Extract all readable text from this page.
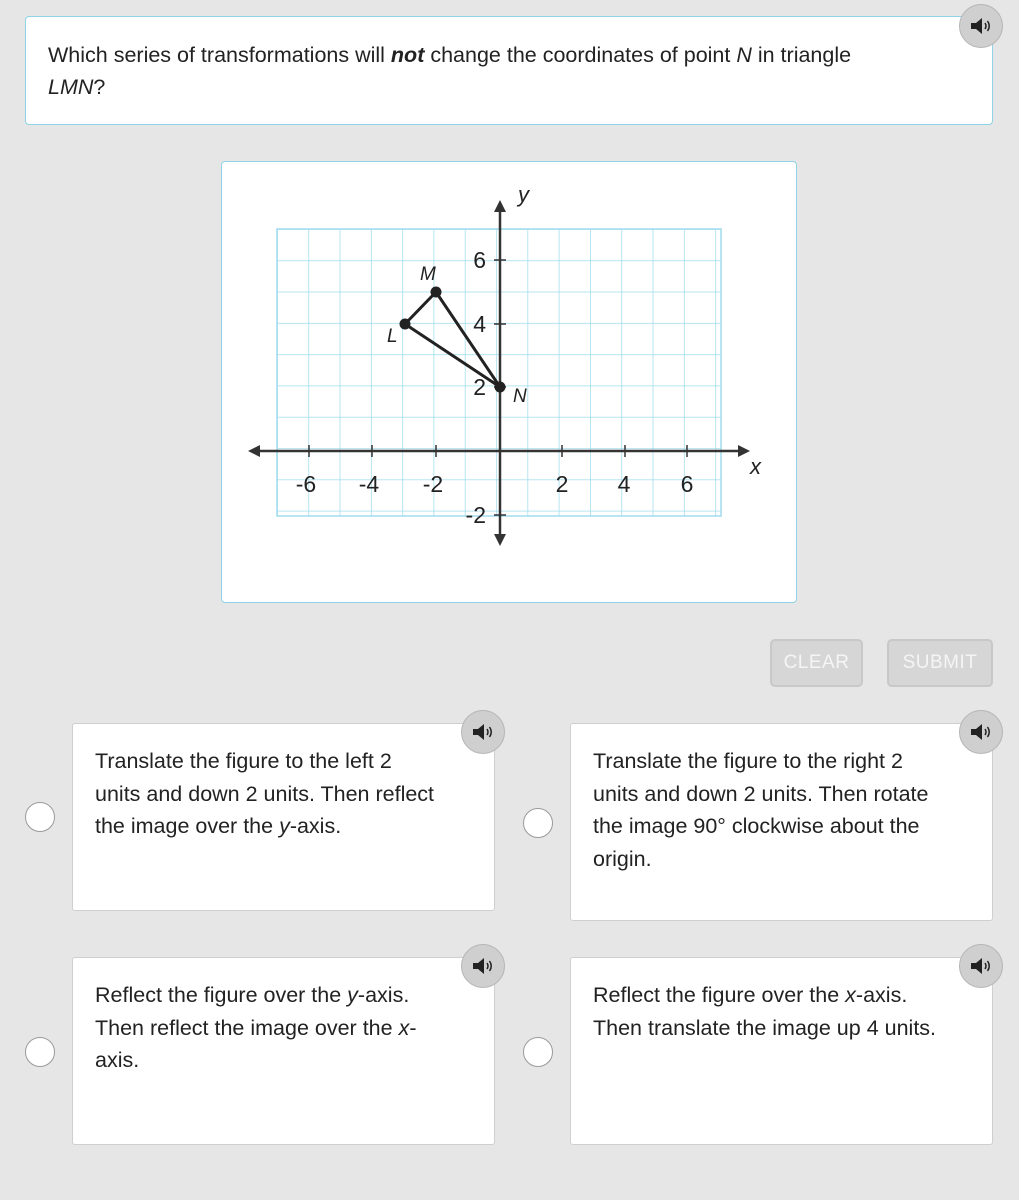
Which series of transformations will not change the coordinates of point N in triangle
LMN?
-6 -4 -2	2 4 6
6
4
2
-2
y
x
L
M
N
CLEAR	SUBMIT
Translate the figure to the left 2
units and down 2 units. Then reflect
the image over the y-axis.
Translate the figure to the right 2
units and down 2 units. Then rotate
the image 90° clockwise about the
origin.
Reflect the figure over the y-axis.
Then reflect the image over the x-
axis.
Reflect the figure over the x-axis.
Then translate the image up 4 units.
